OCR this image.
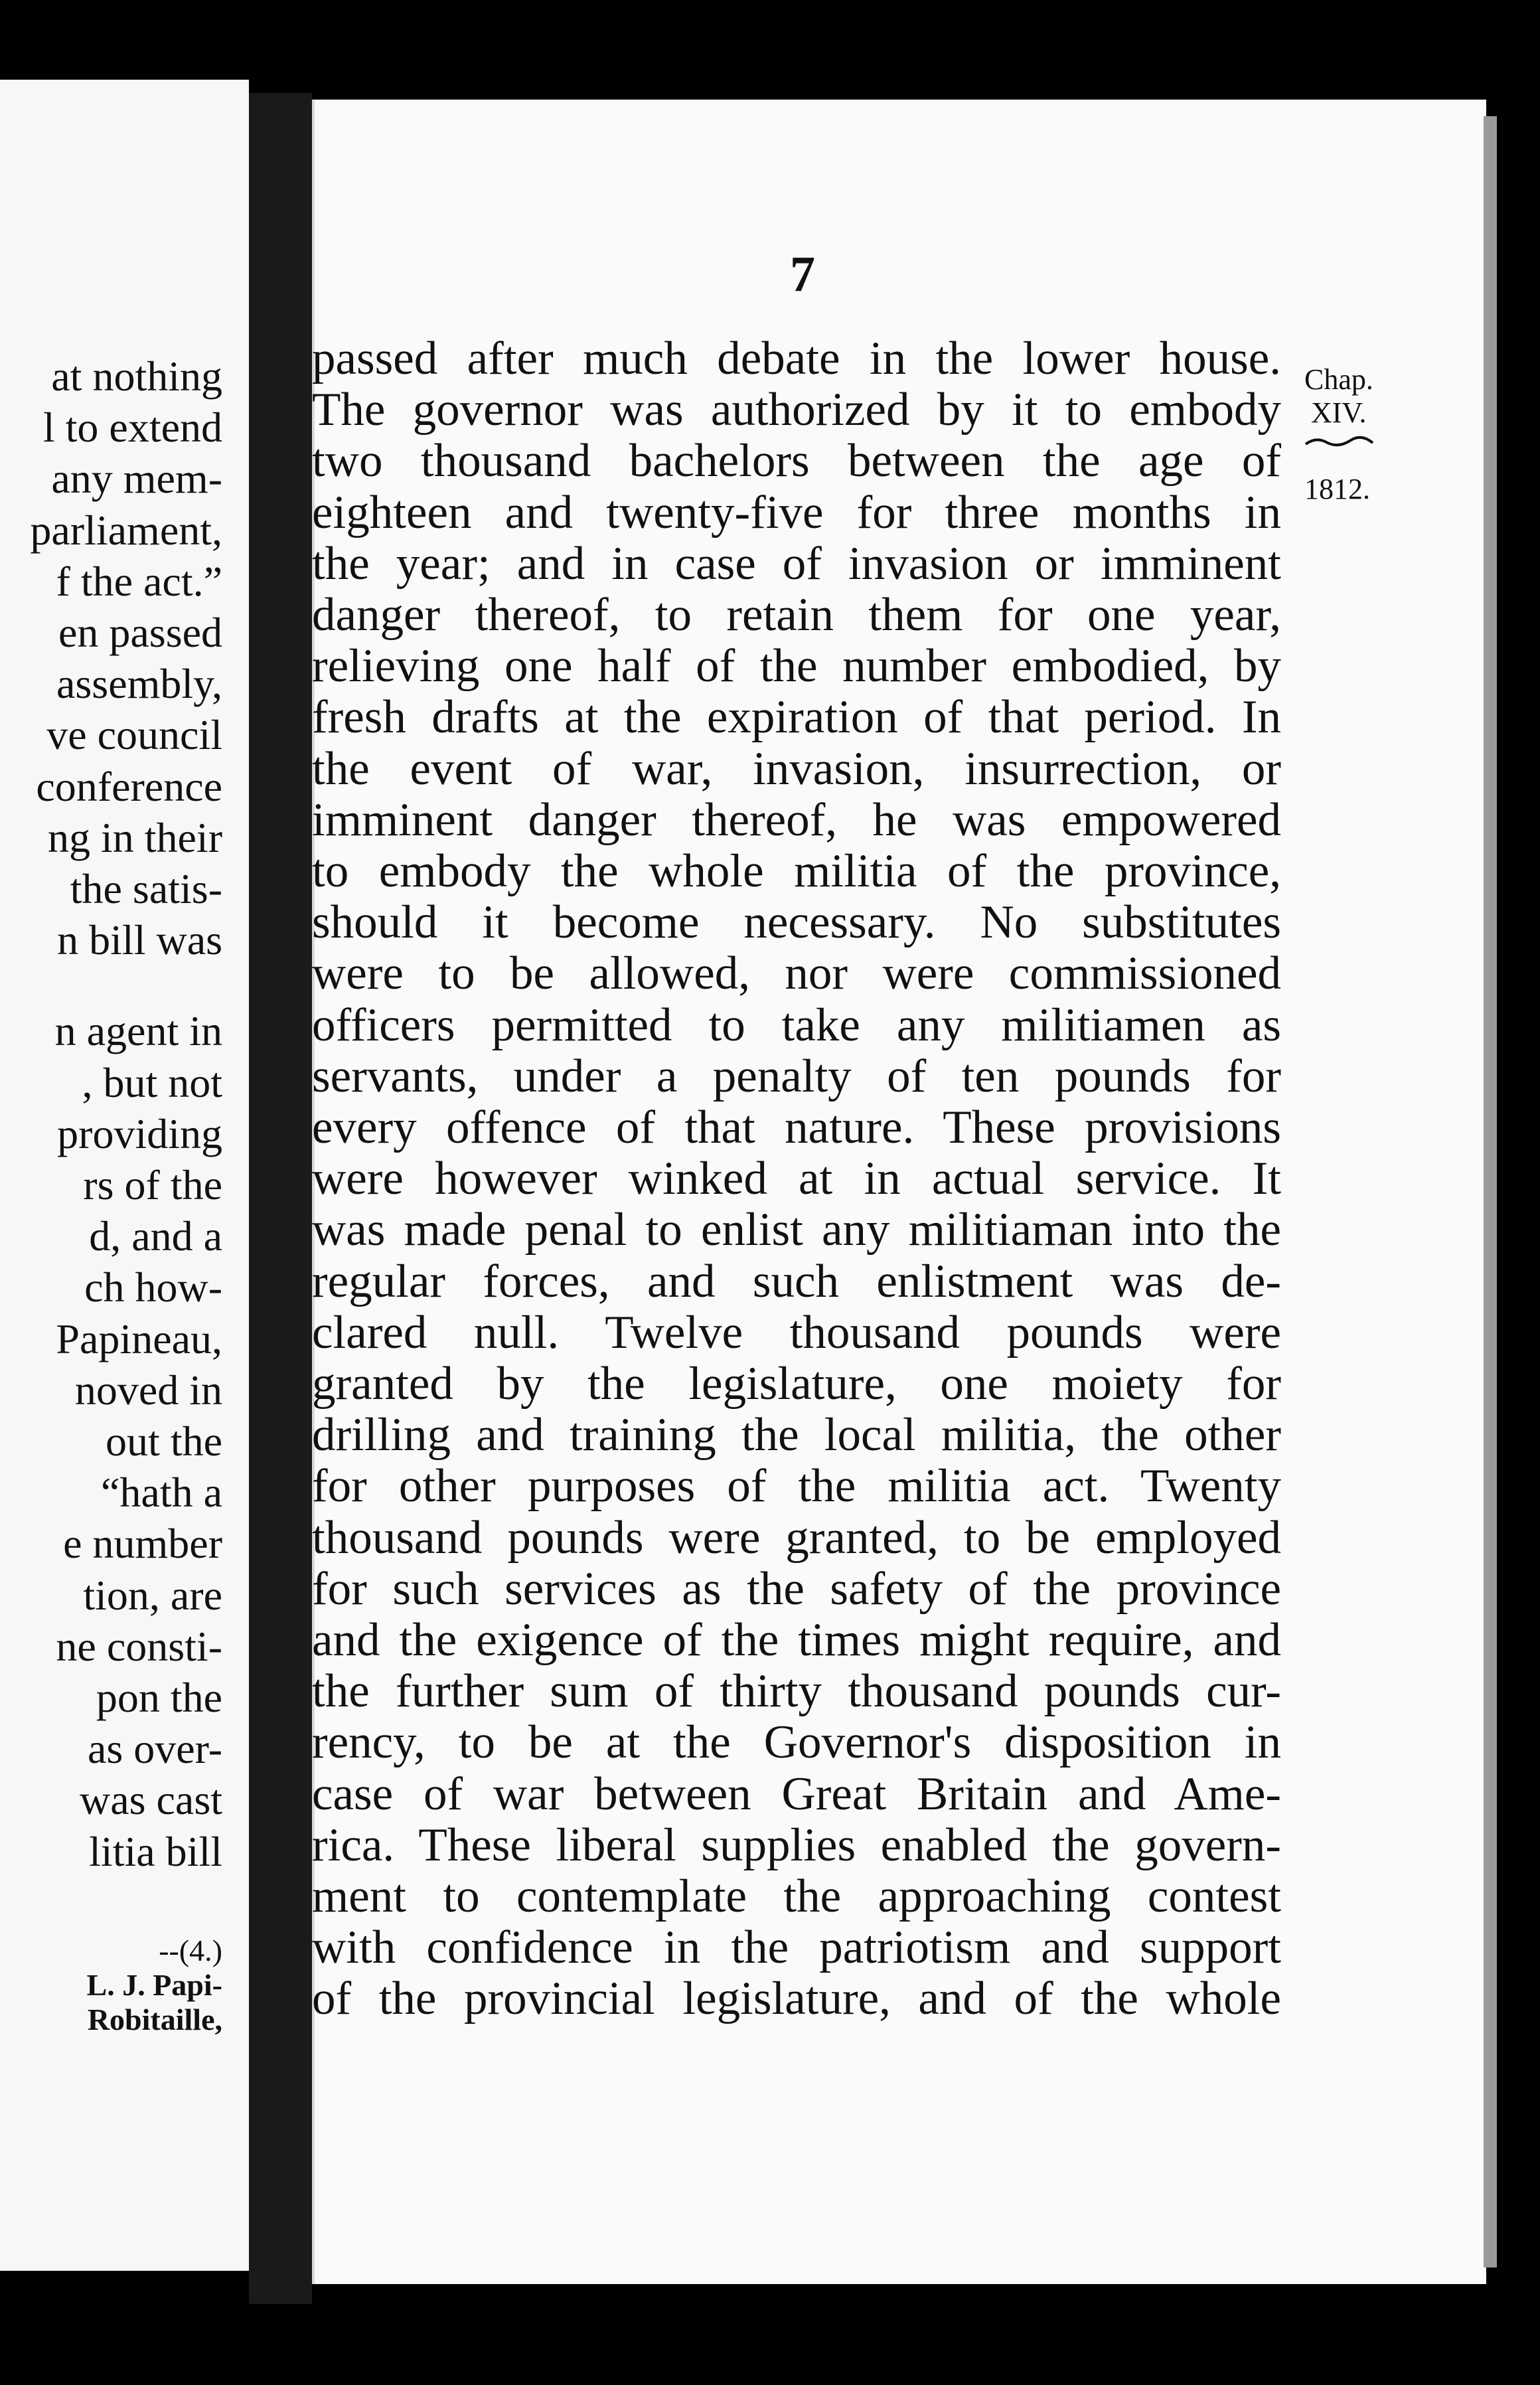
at nothing
l to extend
any mem-
parliament,
f the act.”
en passed
assembly,
ve council
conference
ng in their
the satis-
n bill was
n agent in
, but not
providing
rs of the
d, and a
ch how-
Papineau,
noved in
out the
“hath a
e number
tion, are
ne consti-
pon the
as over-
was cast
litia bill
--(4.)
L. J. Papi-
Robitaille,
7
passed after much debate in the lower house.
The governor was authorized by it to embody
two thousand bachelors between the age of
eighteen and twenty-five for three months in
the year; and in case of invasion or imminent
danger thereof, to retain them for one year,
relieving one half of the number embodied, by
fresh drafts at the expiration of that period. In
the event of war, invasion, insurrection, or
imminent danger thereof, he was empowered
to embody the whole militia of the province,
should it become necessary. No substitutes
were to be allowed, nor were commissioned
officers permitted to take any militiamen as
servants, under a penalty of ten pounds for
every offence of that nature. These provisions
were however winked at in actual service. It
was made penal to enlist any militiaman into the
regular forces, and such enlistment was de-
clared null. Twelve thousand pounds were
granted by the legislature, one moiety for
drilling and training the local militia, the other
for other purposes of the militia act. Twenty
thousand pounds were granted, to be employed
for such services as the safety of the province
and the exigence of the times might require, and
the further sum of thirty thousand pounds cur-
rency, to be at the Governor's disposition in
case of war between Great Britain and Ame-
rica. These liberal supplies enabled the govern-
ment to contemplate the approaching contest
with confidence in the patriotism and support
of the provincial legislature, and of the whole
Chap.
XIV.
1812.
